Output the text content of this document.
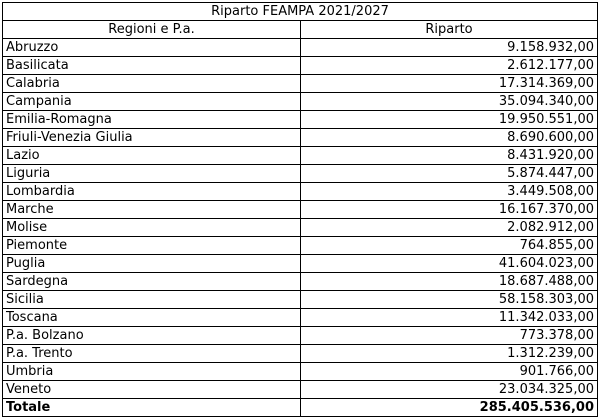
Riparto FEAMPA 2021/2027	
Regioni e P.a.	Riparto
Abruzzo	9.158.932,00
Basilicata	2.612.177,00
Calabria	17.314.369,00
Campania	35.094.340,00
Emilia-Romagna	19.950.551,00
Friuli-Venezia Giulia	8.690.600,00
Lazio	8.431.920,00
Liguria	5.874.447,00
Lombardia	3.449.508,00
Marche	16.167.370,00
Molise	2.082.912,00
Piemonte	764.855,00
Puglia	41.604.023,00
Sardegna	18.687.488,00
Sicilia	58.158.303,00
Toscana	11.342.033,00
P.a. Bolzano	773.378,00
P.a. Trento	1.312.239,00
Umbria	901.766,00
Veneto	23.034.325,00
Totale	285.405.536,00
